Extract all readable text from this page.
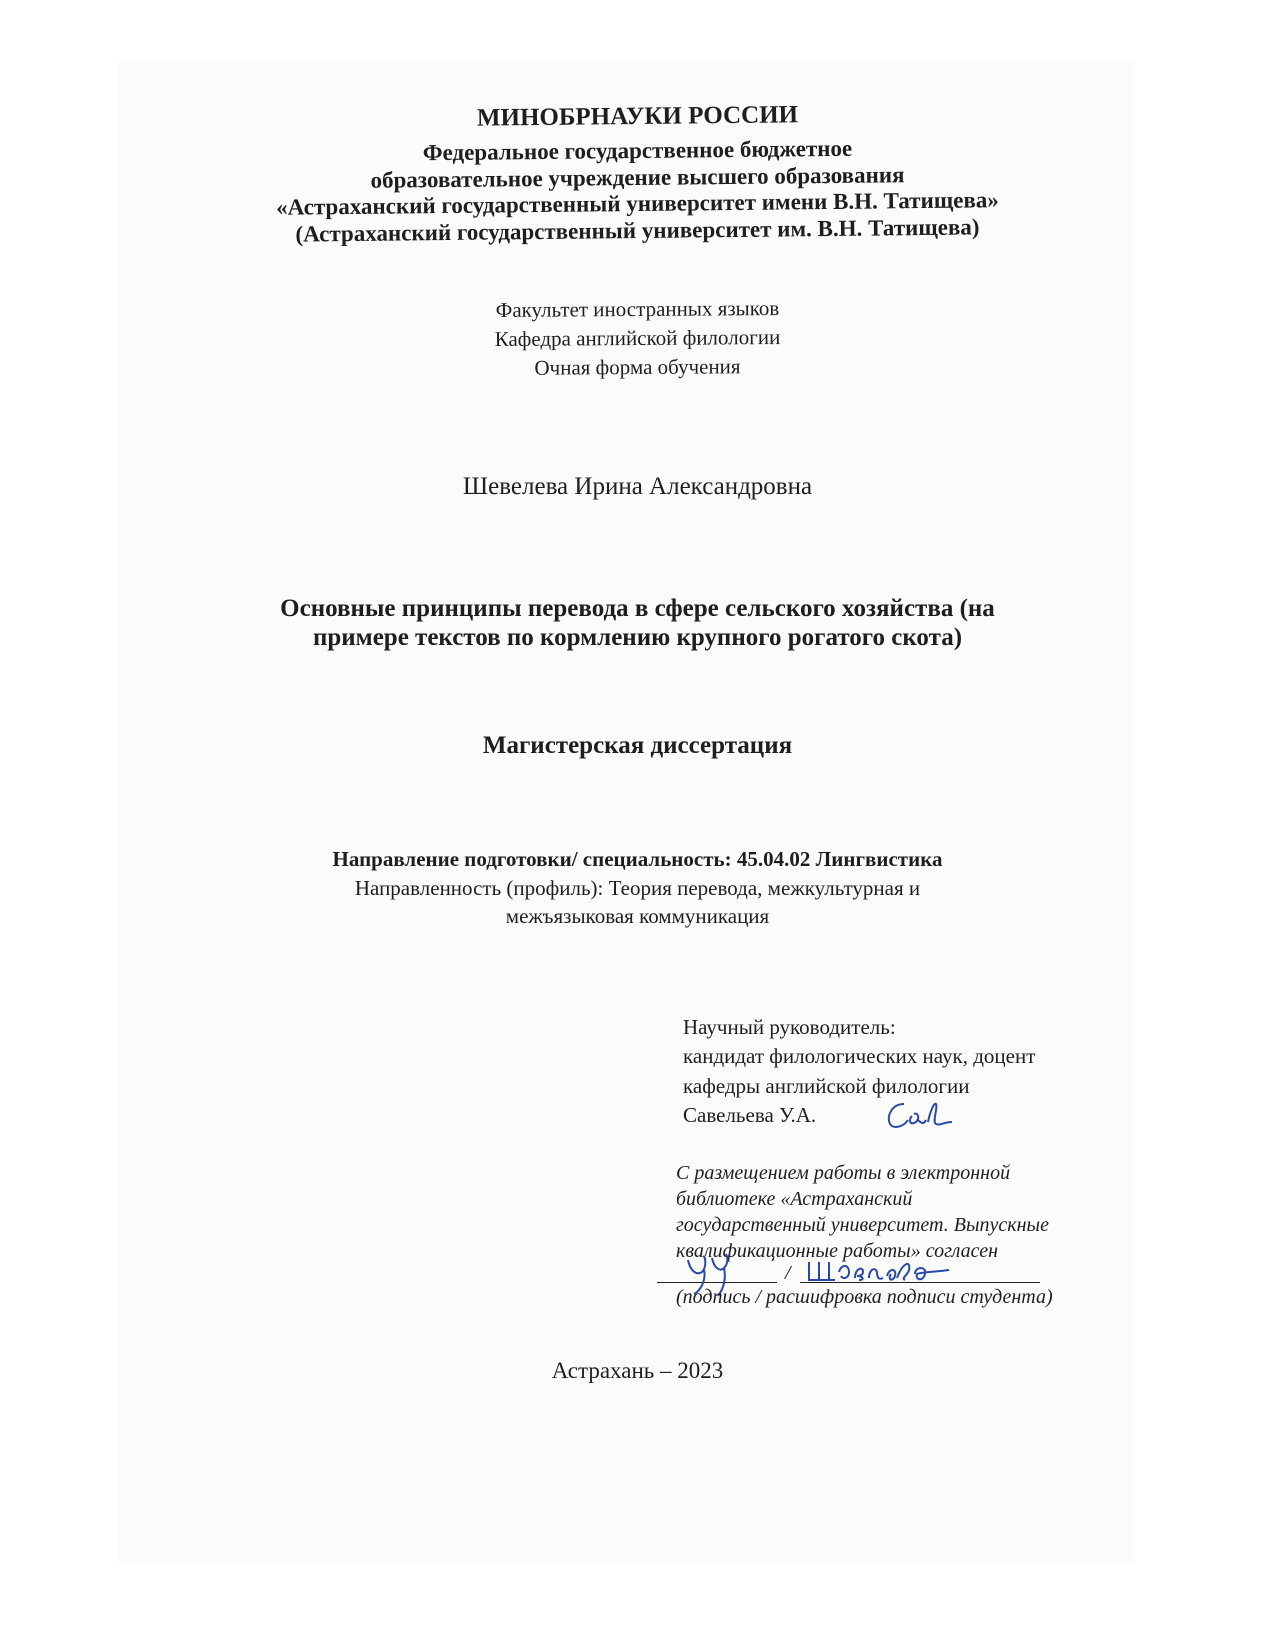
МИНОБРНАУКИ РОССИИ
Федеральное государственное бюджетное
образовательное учреждение высшего образования
«Астраханский государственный университет имени В.Н. Татищева»
(Астраханский государственный университет им. В.Н. Татищева)
Факультет иностранных языков
Кафедра английской филологии
Очная форма обучения
Шевелева Ирина Александровна
Основные принципы перевода в сфере сельского хозяйства (на
примере текстов по кормлению крупного рогатого скота)
Магистерская диссертация
Направление подготовки/ специальность: 45.04.02 Лингвистика
Направленность (профиль): Теория перевода, межкультурная и
межъязыковая коммуникация
Научный руководитель:
кандидат филологических наук, доцент
кафедры английской филологии
Савельева У.А.
С размещением работы в электронной
библиотеке «Астраханский
государственный университет. Выпускные
квалификационные работы» согласен
/
(подпись / расшифровка подписи студента)
Астрахань – 2023
